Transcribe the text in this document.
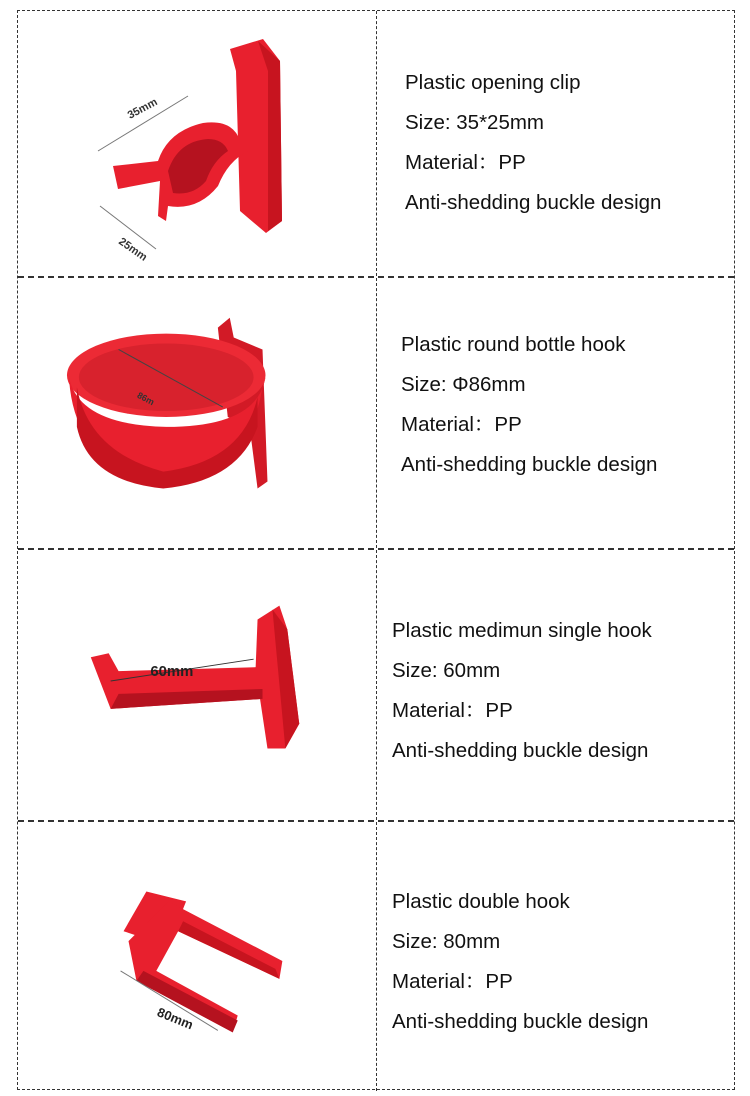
35mm
25mm
Plastic opening clip
Size: 35*25mm
Material：PP
Anti-shedding buckle design
86m
Plastic round bottle hook
Size: Φ86mm
Material：PP
Anti-shedding buckle design
60mm
Plastic medimun single hook
Size: 60mm
Material：PP
Anti-shedding buckle design
80mm
Plastic double hook
Size: 80mm
Material：PP
Anti-shedding buckle design
